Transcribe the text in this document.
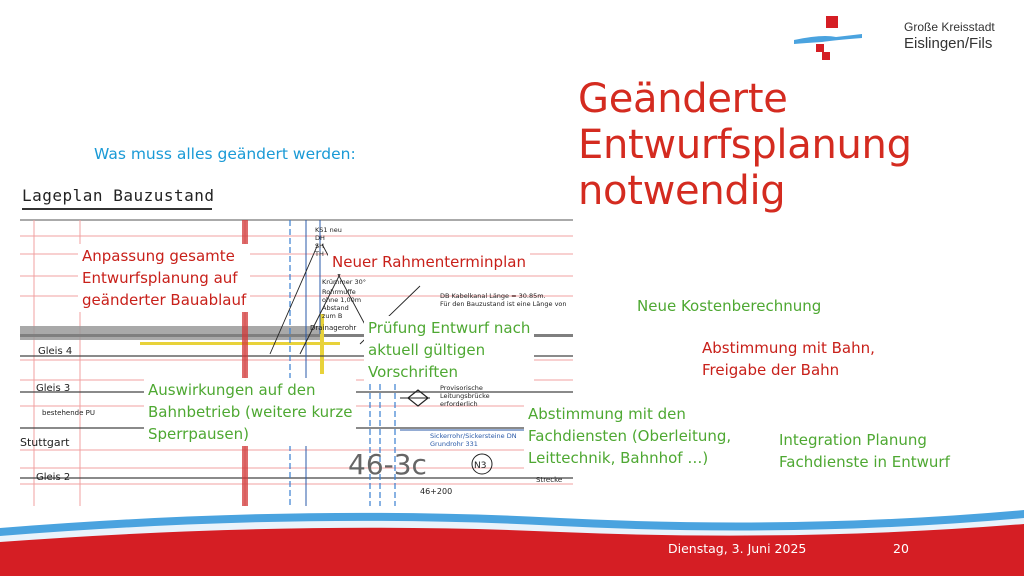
Große Kreisstadt
Eislingen/Fils
Geänderte
Entwurfsplanung
notwendig
Was muss alles geändert werden:
Gleis 4
Gleis 3
bestehende PU
Stuttgart
Gleis 2	46-3c
46+200
N3
DB Kabelkanal Länge = 30.85m.
Für den Bauzustand ist eine Länge von
Provisorische
Leitungsbrücke
erforderlich
Sickerrohr/Sickersteine DN
Grundrohr 331
Drainagerohr
Krümmer 30°
Rohrmuffe
ohne 1,00m
Abstand
zum B
KS1 neu
DH
SH
TH
Strecke
Lageplan Bauzustand
Anpassung gesamte
Entwurfsplanung auf
geänderter Bauablauf
Neuer Rahmenterminplan
Prüfung Entwurf nach
aktuell gültigen
Vorschriften
Auswirkungen auf den
Bahnbetrieb (weitere kurze
Sperrpausen)
Abstimmung mit den
Fachdiensten (Oberleitung,
Leittechnik, Bahnhof …)
Neue Kostenberechnung
Abstimmung mit Bahn,
Freigabe der Bahn
Integration Planung
Fachdienste in Entwurf
Dienstag, 3. Juni 2025	20
